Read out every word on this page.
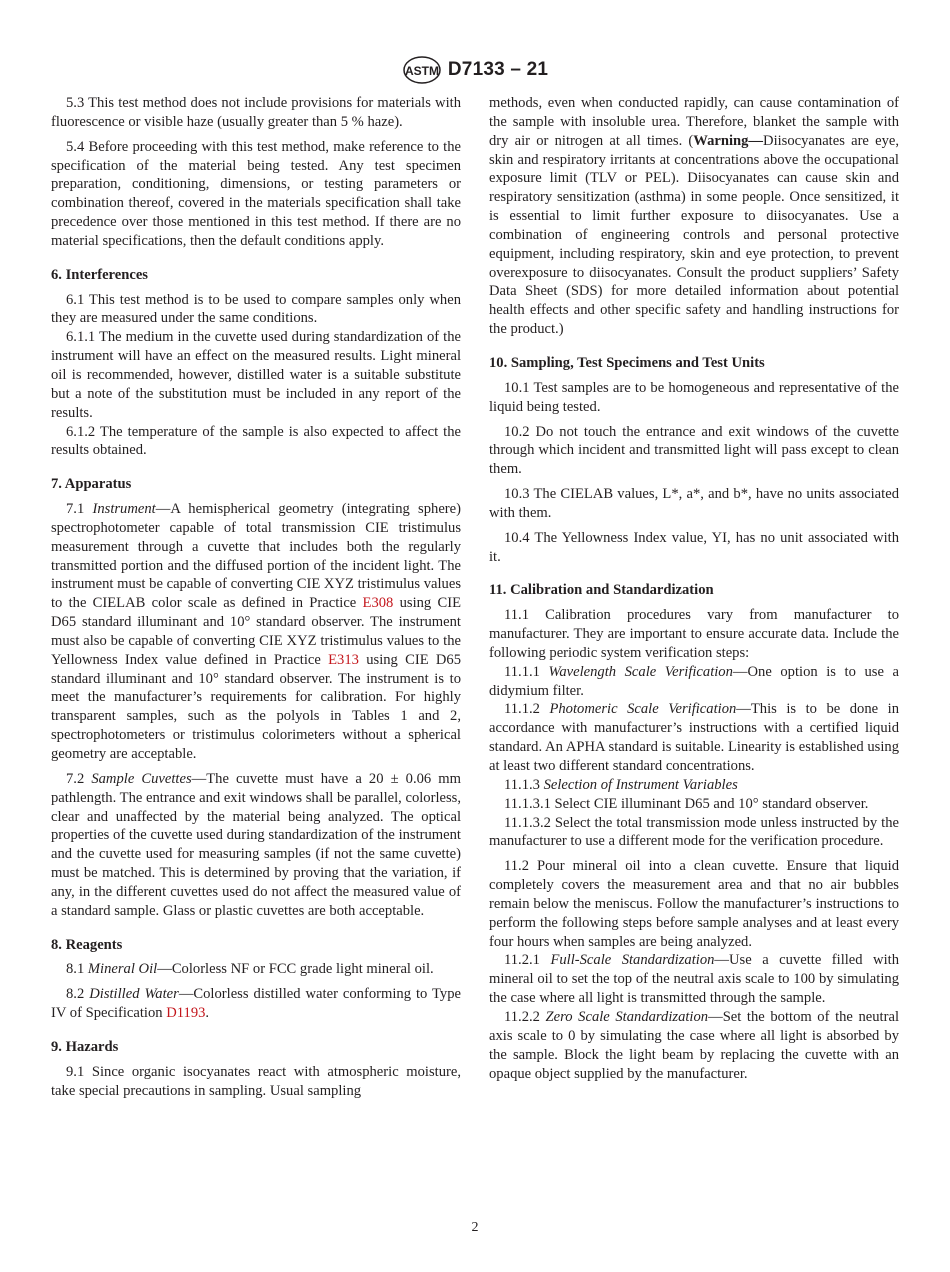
ASTM D7133 – 21

5.3 This test method does not include provisions for materials with fluorescence or visible haze (usually greater than 5 % haze).

5.4 Before proceeding with this test method, make reference to the specification of the material being tested. Any test specimen preparation, conditioning, dimensions, or testing parameters or combination thereof, covered in the materials specification shall take precedence over those mentioned in this test method. If there are no material specifications, then the default conditions apply.

6. Interferences

6.1 This test method is to be used to compare samples only when they are measured under the same conditions.

6.1.1 The medium in the cuvette used during standardization of the instrument will have an effect on the measured results. Light mineral oil is recommended, however, distilled water is a suitable substitute but a note of the substitution must be included in any report of the results.

6.1.2 The temperature of the sample is also expected to affect the results obtained.

7. Apparatus

7.1 Instrument—A hemispherical geometry (integrating sphere) spectrophotometer capable of total transmission CIE tristimulus measurement through a cuvette that includes both the regularly transmitted portion and the diffused portion of the incident light. The instrument must be capable of converting CIE XYZ tristimulus values to the CIELAB color scale as defined in Practice E308 using CIE D65 standard illuminant and 10° standard observer. The instrument must also be capable of converting CIE XYZ tristimulus values to the Yellowness Index value defined in Practice E313 using CIE D65 standard illuminant and 10° standard observer. The instrument is to meet the manufacturer’s requirements for calibration. For highly transparent samples, such as the polyols in Tables 1 and 2, spectrophotometers or tristimulus colorimeters without a spherical geometry are acceptable.

7.2 Sample Cuvettes—The cuvette must have a 20 ± 0.06 mm pathlength. The entrance and exit windows shall be parallel, colorless, clear and unaffected by the material being analyzed. The optical properties of the cuvette used during standardization of the instrument and the cuvette used for measuring samples (if not the same cuvette) must be matched. This is determined by proving that the variation, if any, in the different cuvettes used do not affect the measured value of a standard sample. Glass or plastic cuvettes are both acceptable.

8. Reagents

8.1 Mineral Oil—Colorless NF or FCC grade light mineral oil.

8.2 Distilled Water—Colorless distilled water conforming to Type IV of Specification D1193.

9. Hazards

9.1 Since organic isocyanates react with atmospheric moisture, take special precautions in sampling. Usual sampling

methods, even when conducted rapidly, can cause contamination of the sample with insoluble urea. Therefore, blanket the sample with dry air or nitrogen at all times. (Warning—Diisocyanates are eye, skin and respiratory irritants at concentrations above the occupational exposure limit (TLV or PEL). Diisocyanates can cause skin and respiratory sensitization (asthma) in some people. Once sensitized, it is essential to limit further exposure to diisocyanates. Use a combination of engineering controls and personal protective equipment, including respiratory, skin and eye protection, to prevent overexposure to diisocyanates. Consult the product suppliers’ Safety Data Sheet (SDS) for more detailed information about potential health effects and other specific safety and handling instructions for the product.)

10. Sampling, Test Specimens and Test Units

10.1 Test samples are to be homogeneous and representative of the liquid being tested.

10.2 Do not touch the entrance and exit windows of the cuvette through which incident and transmitted light will pass except to clean them.

10.3 The CIELAB values, L*, a*, and b*, have no units associated with them.

10.4 The Yellowness Index value, YI, has no unit associated with it.

11. Calibration and Standardization

11.1 Calibration procedures vary from manufacturer to manufacturer. They are important to ensure accurate data. Include the following periodic system verification steps:

11.1.1 Wavelength Scale Verification—One option is to use a didymium filter.

11.1.2 Photomeric Scale Verification—This is to be done in accordance with manufacturer’s instructions with a certified liquid standard. An APHA standard is suitable. Linearity is established using at least two different standard concentrations.

11.1.3 Selection of Instrument Variables

11.1.3.1 Select CIE illuminant D65 and 10° standard observer.

11.1.3.2 Select the total transmission mode unless instructed by the manufacturer to use a different mode for the verification procedure.

11.2 Pour mineral oil into a clean cuvette. Ensure that liquid completely covers the measurement area and that no air bubbles remain below the meniscus. Follow the manufacturer’s instructions to perform the following steps before sample analyses and at least every four hours when samples are being analyzed.

11.2.1 Full-Scale Standardization—Use a cuvette filled with mineral oil to set the top of the neutral axis scale to 100 by simulating the case where all light is transmitted through the sample.

11.2.2 Zero Scale Standardization—Set the bottom of the neutral axis scale to 0 by simulating the case where all light is absorbed by the sample. Block the light beam by replacing the cuvette with an opaque object supplied by the manufacturer.

2
